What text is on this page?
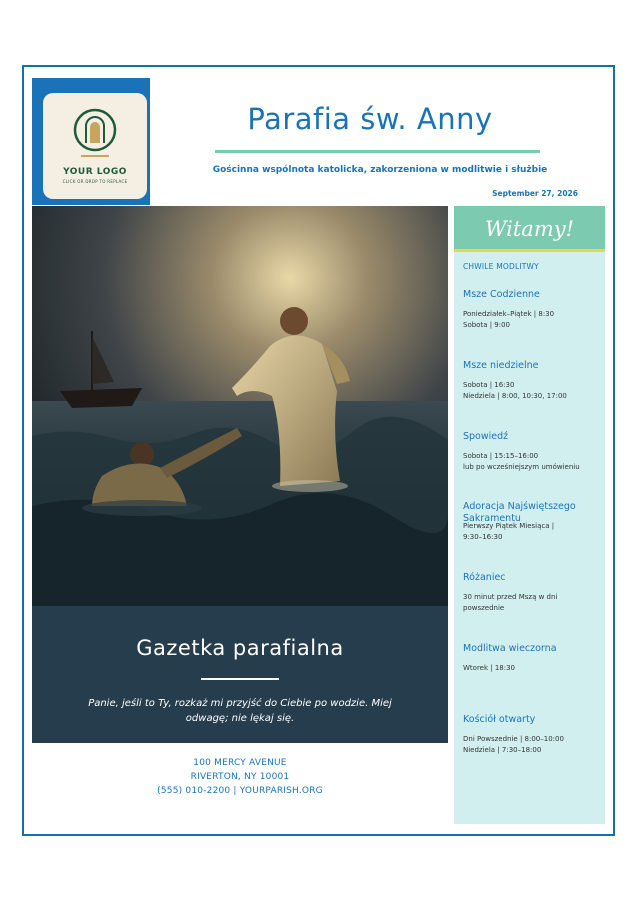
YOUR LOGO
CLICK OR DROP TO REPLACE
Parafia św. Anny
Gościnna wspólnota katolicka, zakorzeniona w modlitwie i służbie
September 27, 2026
Gazetka parafialna
Panie, jeśli to Ty, rozkaż mi przyjść do Ciebie po wodzie. Miej odwagę; nie lękaj się.
100 MERCY AVENUE
RIVERTON, NY 10001
(555) 010-2200 | YOURPARISH.ORG
Witamy!
CHWILE MODLITWY
Msze Codzienne
Poniedziałek–Piątek | 8:30
Sobota | 9:00
Msze niedzielne
Sobota | 16:30
Niedziela | 8:00, 10:30, 17:00
Spowiedź
Sobota | 15:15–16:00
lub po wcześniejszym umówieniu
Adoracja Najświętszego Sakramentu
Pierwszy Piątek Miesiąca |
9:30–16:30
Różaniec
30 minut przed Mszą w dni
powszednie
Modlitwa wieczorna
Wtorek | 18:30
Kościół otwarty
Dni Powszednie | 8:00–10:00
Niedziela | 7:30–18:00
